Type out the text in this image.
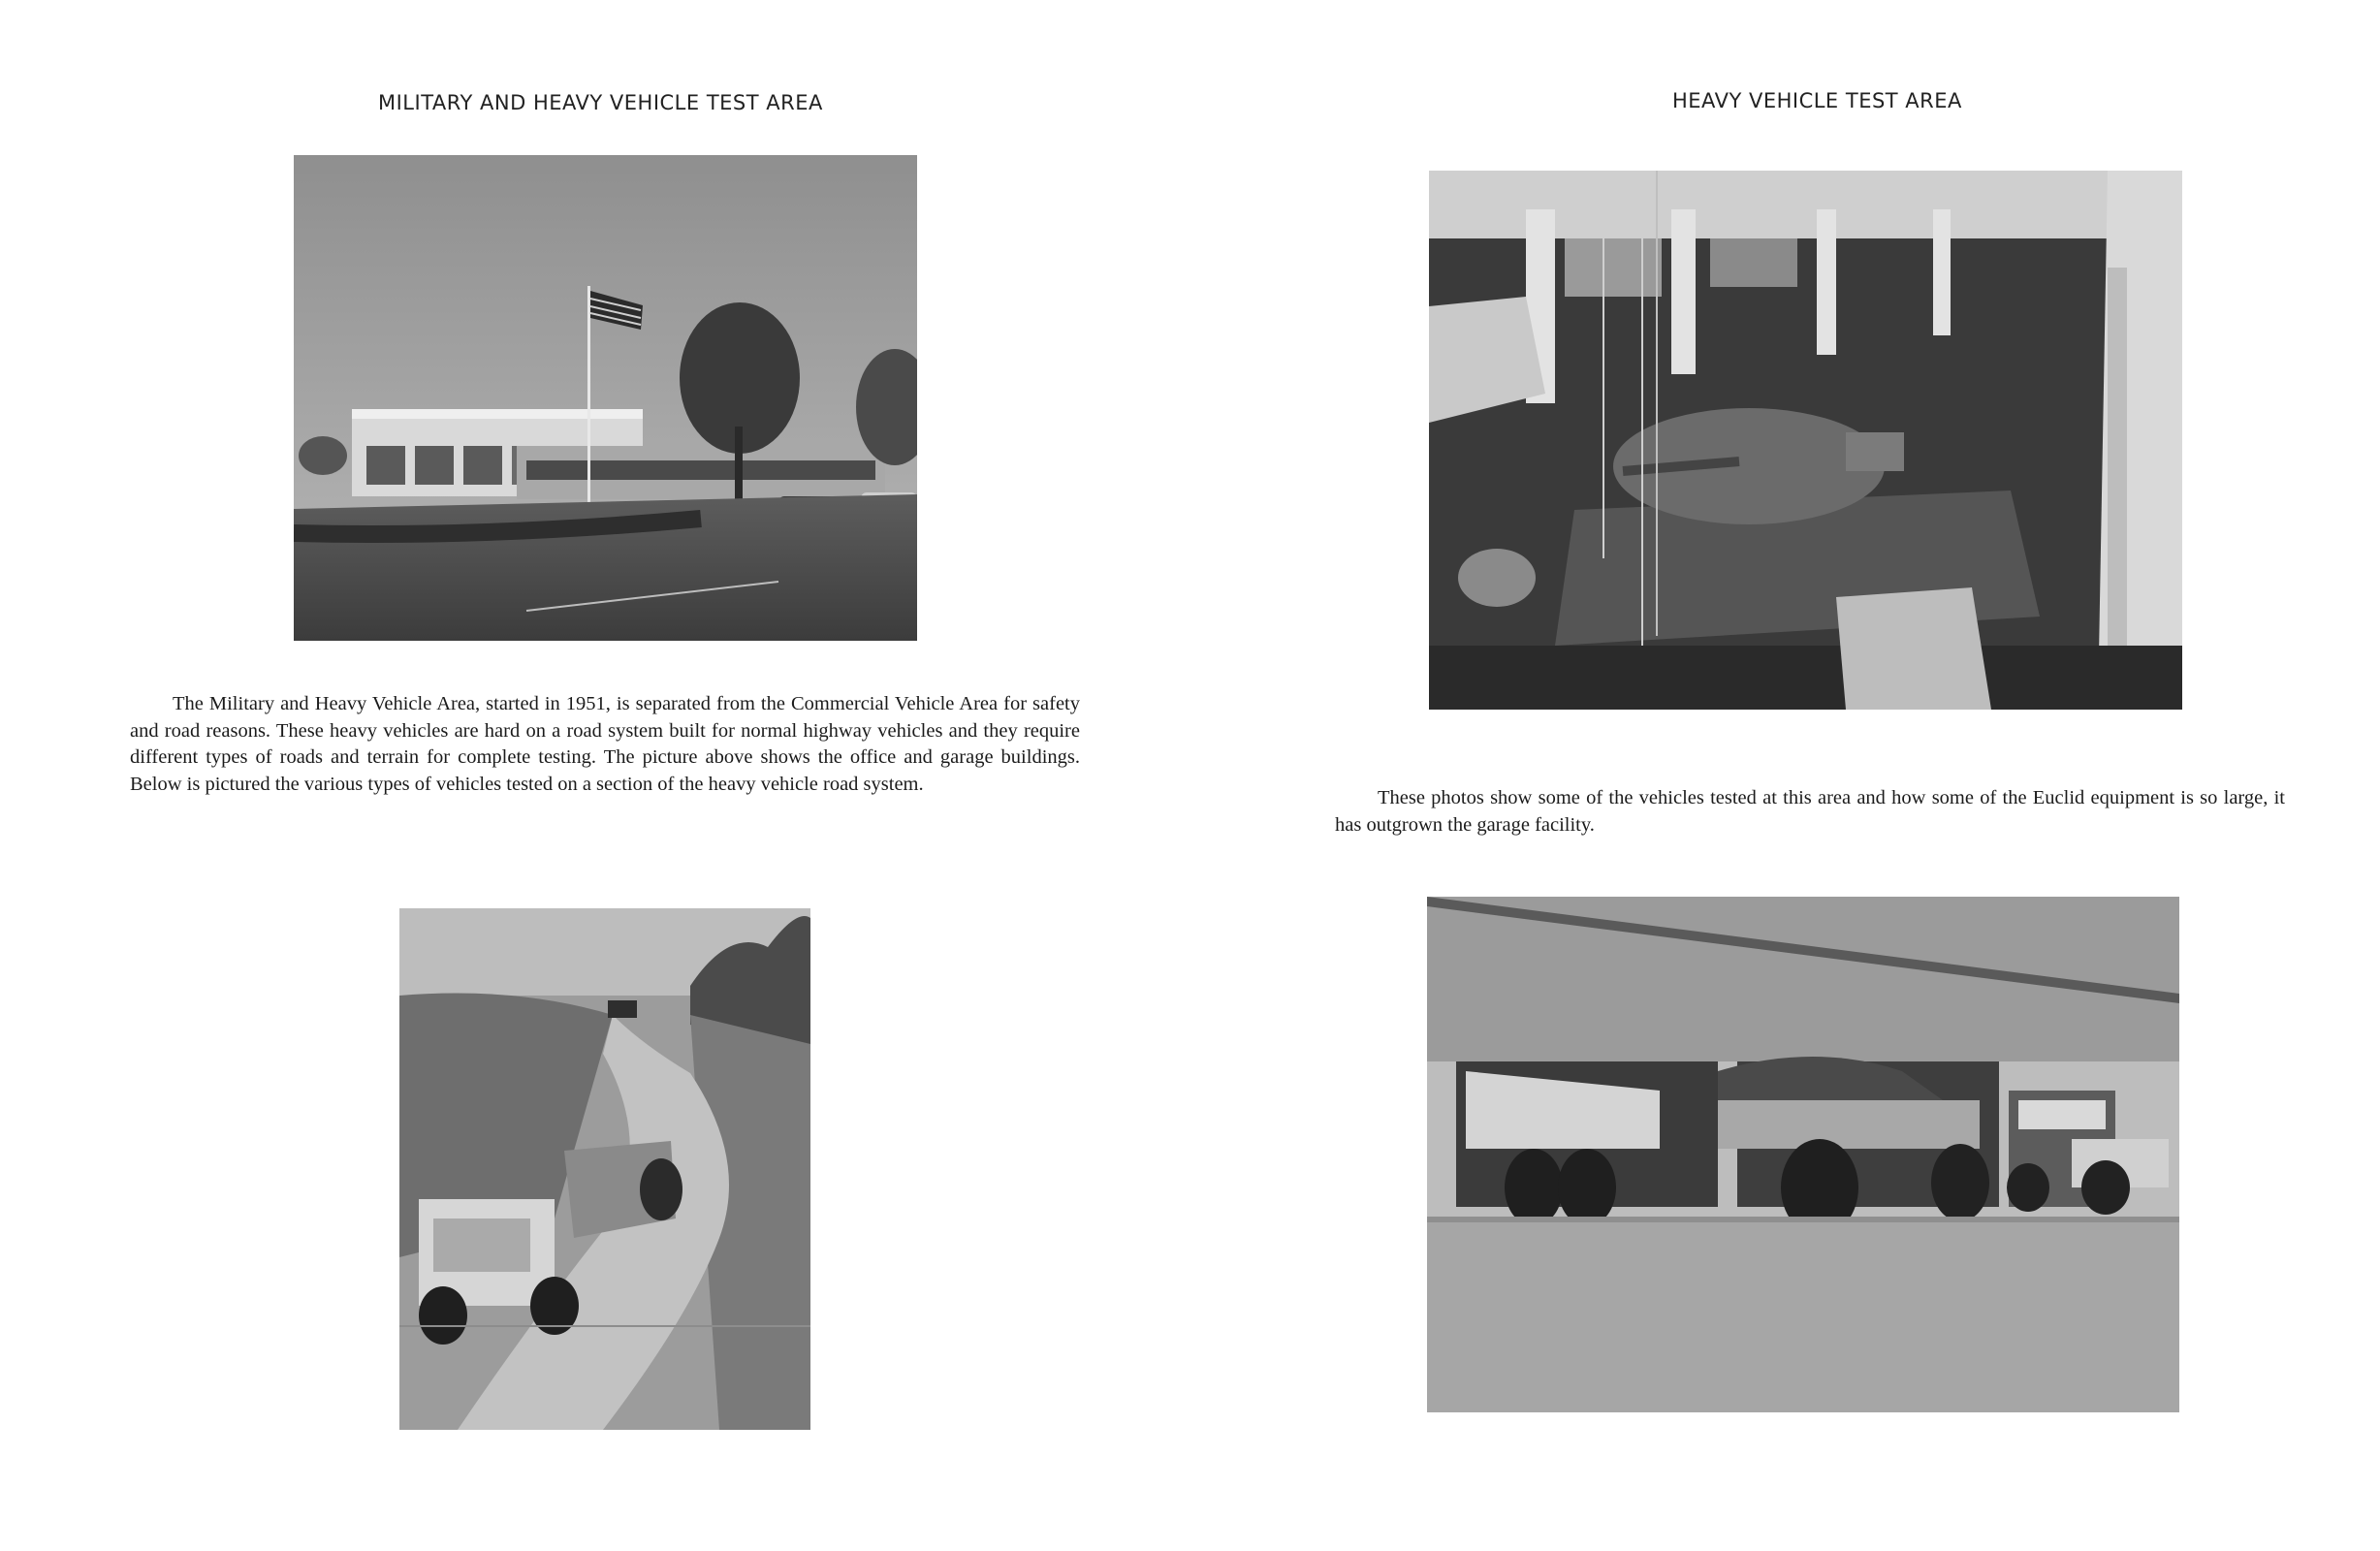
MILITARY AND HEAVY VEHICLE TEST AREA

The Military and Heavy Vehicle Area, started in 1951, is separated from the Commercial Vehicle Area for safety and road reasons. These heavy vehicles are hard on a road system built for normal highway vehicles and they require different types of roads and terrain for complete testing. The picture above shows the office and garage buildings. Below is pictured the various types of vehicles tested on a section of the heavy vehicle road system.

HEAVY VEHICLE TEST AREA

These photos show some of the vehicles tested at this area and how some of the Euclid equipment is so large, it has outgrown the garage facility.
